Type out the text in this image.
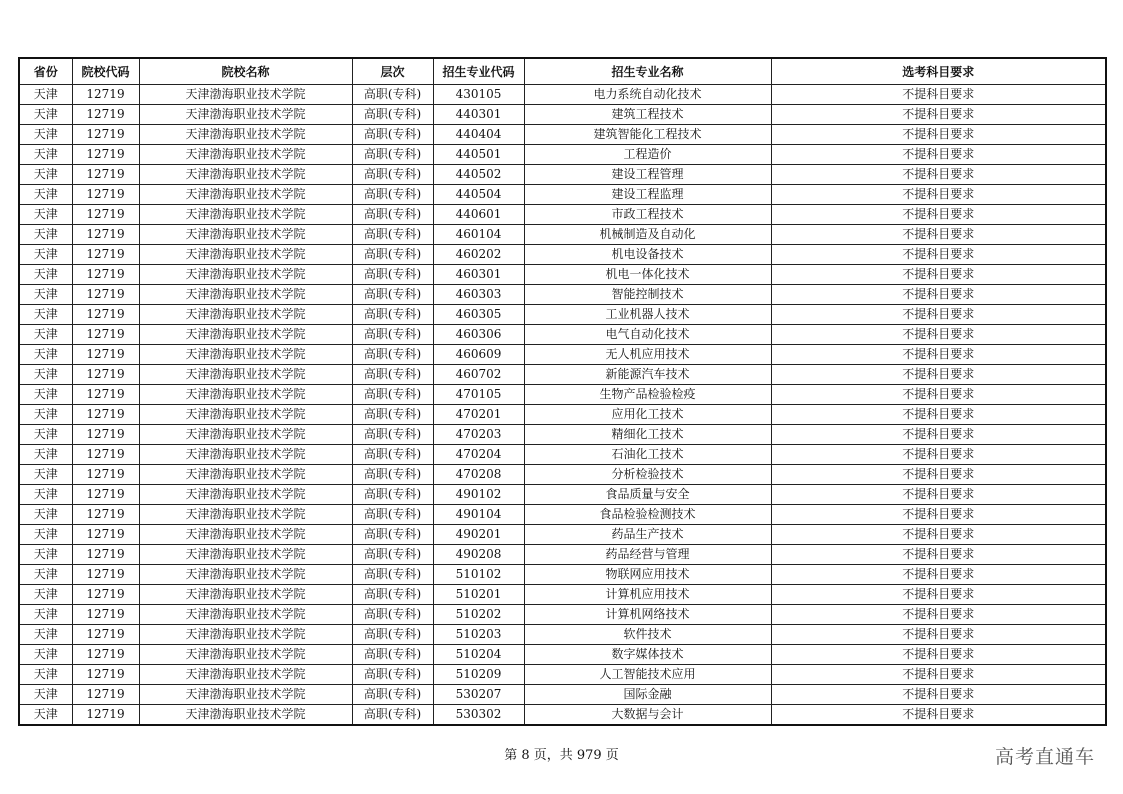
省份	院校代码	院校名称	层次	招生专业代码	招生专业名称	选考科目要求
天津	12719	天津渤海职业技术学院	高职(专科)	430105	电力系统自动化技术	不提科目要求
天津	12719	天津渤海职业技术学院	高职(专科)	440301	建筑工程技术	不提科目要求
天津	12719	天津渤海职业技术学院	高职(专科)	440404	建筑智能化工程技术	不提科目要求
天津	12719	天津渤海职业技术学院	高职(专科)	440501	工程造价	不提科目要求
天津	12719	天津渤海职业技术学院	高职(专科)	440502	建设工程管理	不提科目要求
天津	12719	天津渤海职业技术学院	高职(专科)	440504	建设工程监理	不提科目要求
天津	12719	天津渤海职业技术学院	高职(专科)	440601	市政工程技术	不提科目要求
天津	12719	天津渤海职业技术学院	高职(专科)	460104	机械制造及自动化	不提科目要求
天津	12719	天津渤海职业技术学院	高职(专科)	460202	机电设备技术	不提科目要求
天津	12719	天津渤海职业技术学院	高职(专科)	460301	机电一体化技术	不提科目要求
天津	12719	天津渤海职业技术学院	高职(专科)	460303	智能控制技术	不提科目要求
天津	12719	天津渤海职业技术学院	高职(专科)	460305	工业机器人技术	不提科目要求
天津	12719	天津渤海职业技术学院	高职(专科)	460306	电气自动化技术	不提科目要求
天津	12719	天津渤海职业技术学院	高职(专科)	460609	无人机应用技术	不提科目要求
天津	12719	天津渤海职业技术学院	高职(专科)	460702	新能源汽车技术	不提科目要求
天津	12719	天津渤海职业技术学院	高职(专科)	470105	生物产品检验检疫	不提科目要求
天津	12719	天津渤海职业技术学院	高职(专科)	470201	应用化工技术	不提科目要求
天津	12719	天津渤海职业技术学院	高职(专科)	470203	精细化工技术	不提科目要求
天津	12719	天津渤海职业技术学院	高职(专科)	470204	石油化工技术	不提科目要求
天津	12719	天津渤海职业技术学院	高职(专科)	470208	分析检验技术	不提科目要求
天津	12719	天津渤海职业技术学院	高职(专科)	490102	食品质量与安全	不提科目要求
天津	12719	天津渤海职业技术学院	高职(专科)	490104	食品检验检测技术	不提科目要求
天津	12719	天津渤海职业技术学院	高职(专科)	490201	药品生产技术	不提科目要求
天津	12719	天津渤海职业技术学院	高职(专科)	490208	药品经营与管理	不提科目要求
天津	12719	天津渤海职业技术学院	高职(专科)	510102	物联网应用技术	不提科目要求
天津	12719	天津渤海职业技术学院	高职(专科)	510201	计算机应用技术	不提科目要求
天津	12719	天津渤海职业技术学院	高职(专科)	510202	计算机网络技术	不提科目要求
天津	12719	天津渤海职业技术学院	高职(专科)	510203	软件技术	不提科目要求
天津	12719	天津渤海职业技术学院	高职(专科)	510204	数字媒体技术	不提科目要求
天津	12719	天津渤海职业技术学院	高职(专科)	510209	人工智能技术应用	不提科目要求
天津	12719	天津渤海职业技术学院	高职(专科)	530207	国际金融	不提科目要求
天津	12719	天津渤海职业技术学院	高职(专科)	530302	大数据与会计	不提科目要求
第 8 页，共 979 页	高考直通车
